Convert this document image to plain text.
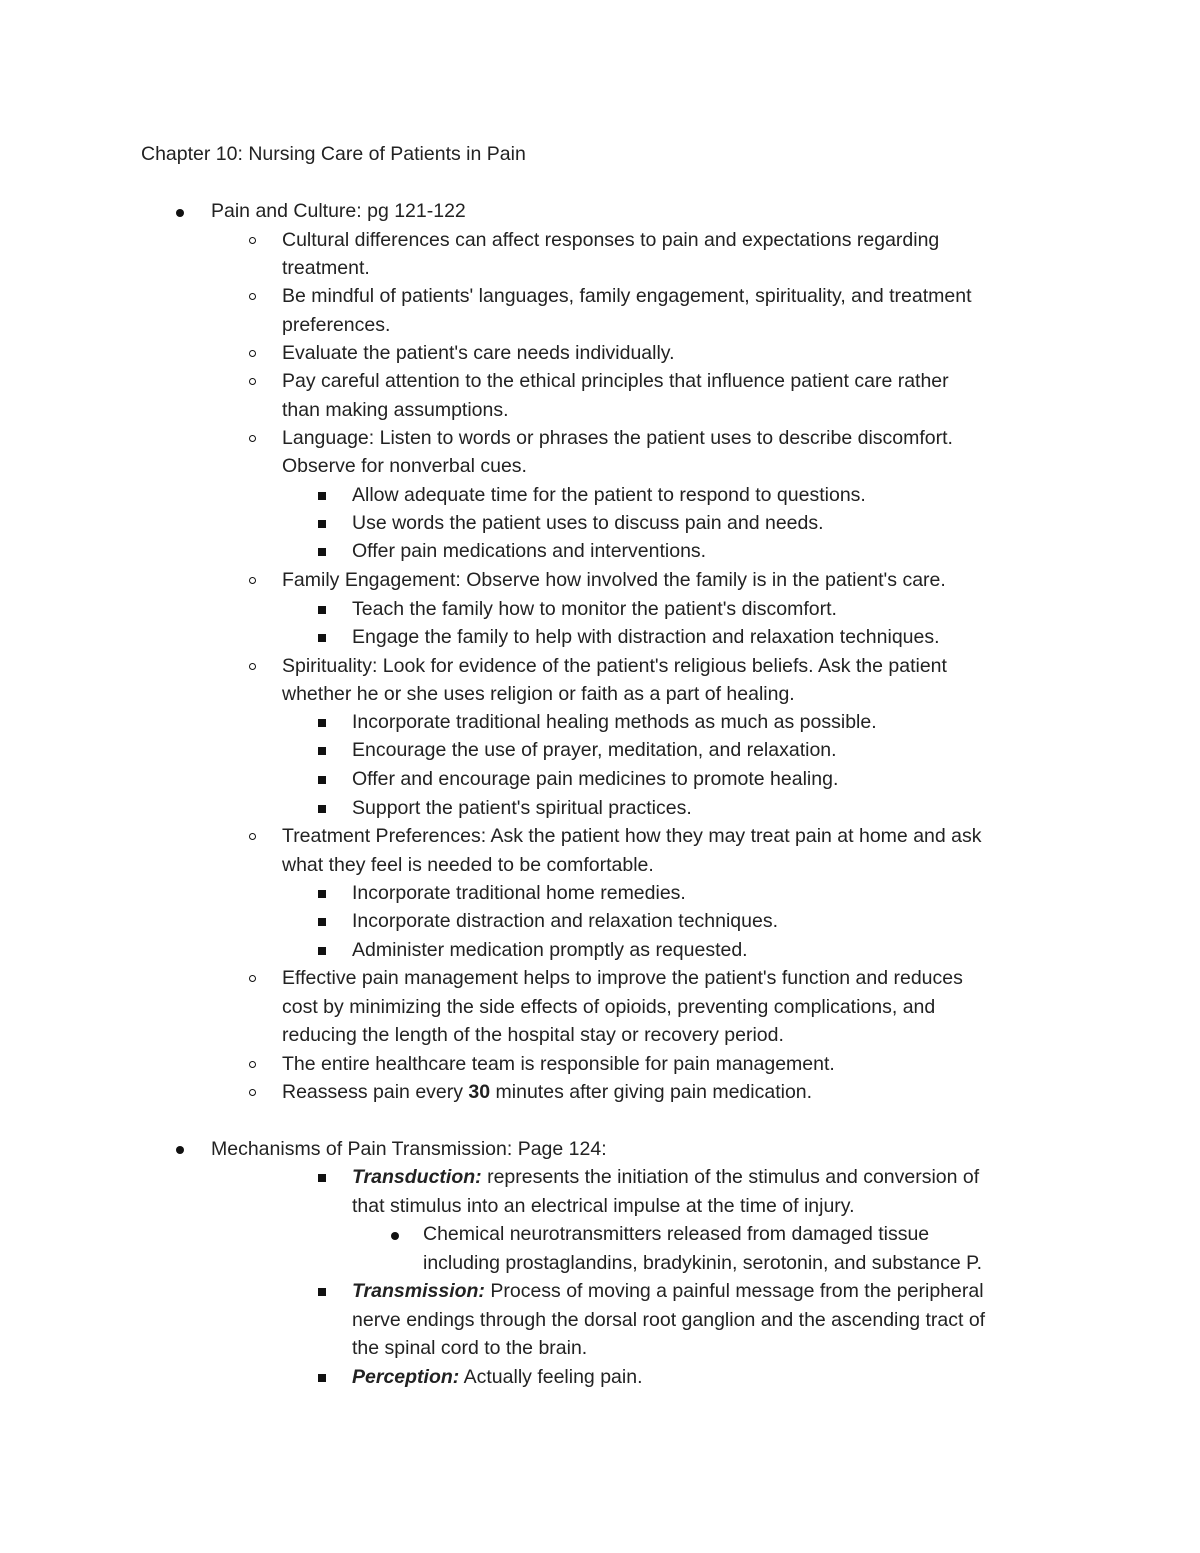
Chapter 10: Nursing Care of Patients in Pain
Pain and Culture: pg 121-122
Cultural differences can affect responses to pain and expectations regarding
treatment.
Be mindful of patients' languages, family engagement, spirituality, and treatment
preferences.
Evaluate the patient's care needs individually.
Pay careful attention to the ethical principles that influence patient care rather
than making assumptions.
Language: Listen to words or phrases the patient uses to describe discomfort.
Observe for nonverbal cues.
Allow adequate time for the patient to respond to questions.
Use words the patient uses to discuss pain and needs.
Offer pain medications and interventions.
Family Engagement: Observe how involved the family is in the patient's care.
Teach the family how to monitor the patient's discomfort.
Engage the family to help with distraction and relaxation techniques.
Spirituality: Look for evidence of the patient's religious beliefs. Ask the patient
whether he or she uses religion or faith as a part of healing.
Incorporate traditional healing methods as much as possible.
Encourage the use of prayer, meditation, and relaxation.
Offer and encourage pain medicines to promote healing.
Support the patient's spiritual practices.
Treatment Preferences: Ask the patient how they may treat pain at home and ask
what they feel is needed to be comfortable.
Incorporate traditional home remedies.
Incorporate distraction and relaxation techniques.
Administer medication promptly as requested.
Effective pain management helps to improve the patient's function and reduces
cost by minimizing the side effects of opioids, preventing complications, and
reducing the length of the hospital stay or recovery period.
The entire healthcare team is responsible for pain management.
Reassess pain every 30 minutes after giving pain medication.
Mechanisms of Pain Transmission: Page 124:
Transduction: represents the initiation of the stimulus and conversion of
that stimulus into an electrical impulse at the time of injury.
Chemical neurotransmitters released from damaged tissue
including prostaglandins, bradykinin, serotonin, and substance P.
Transmission: Process of moving a painful message from the peripheral
nerve endings through the dorsal root ganglion and the ascending tract of
the spinal cord to the brain.
Perception: Actually feeling pain.
